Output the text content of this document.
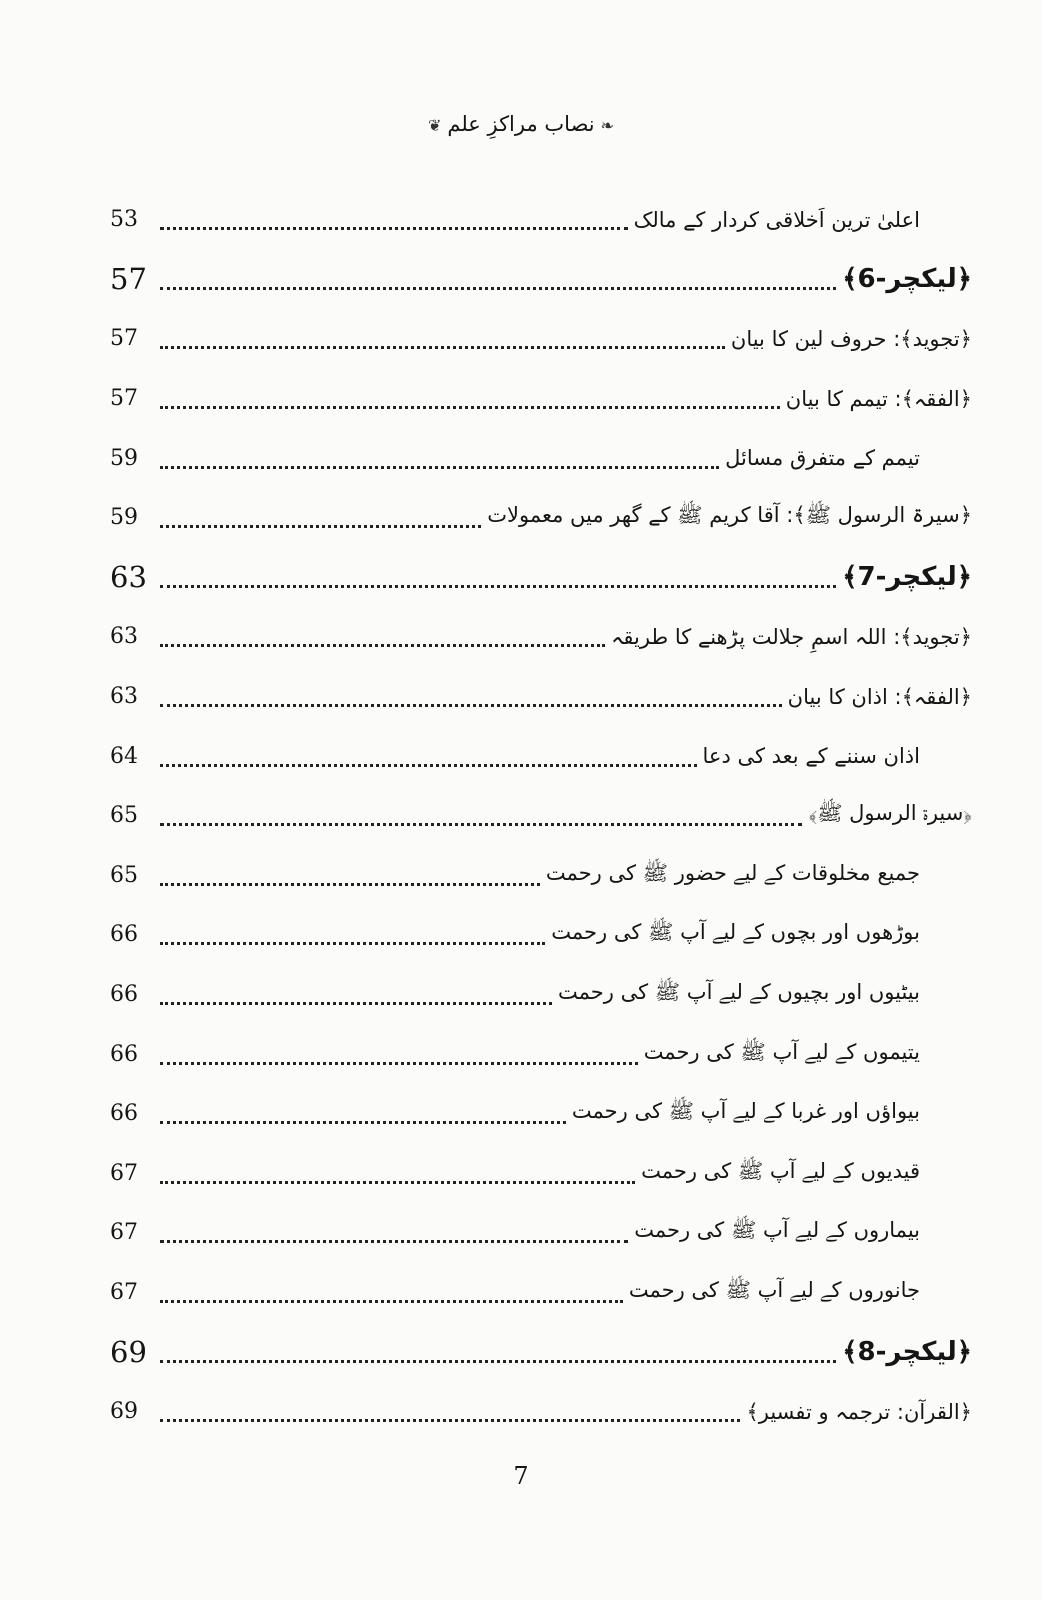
❧نصاب مراکزِ علم❦
اعلیٰ ترین اَخلاقی کردار کے مالک
53
﴿لیکچر-6﴾
57
﴿تجوید﴾: حروف لین کا بیان
57
﴿الفقہ﴾: تیمم کا بیان
57
تیمم کے متفرق مسائل
59
﴿سیرۃ الرسول ﷺ﴾: آقا کریم ﷺ کے گھر میں معمولات
59
﴿لیکچر-7﴾
63
﴿تجوید﴾: اللہ اسمِ جلالت پڑھنے کا طریقہ
63
﴿الفقہ﴾: اذان کا بیان
63
اذان سننے کے بعد کی دعا
64
﴿سیرۃ الرسول ﷺ﴾
65
جمیع مخلوقات کے لیے حضور ﷺ کی رحمت
65
بوڑھوں اور بچوں کے لیے آپ ﷺ کی رحمت
66
بیٹیوں اور بچیوں کے لیے آپ ﷺ کی رحمت
66
یتیموں کے لیے آپ ﷺ کی رحمت
66
بیواؤں اور غربا کے لیے آپ ﷺ کی رحمت
66
قیدیوں کے لیے آپ ﷺ کی رحمت
67
بیماروں کے لیے آپ ﷺ کی رحمت
67
جانوروں کے لیے آپ ﷺ کی رحمت
67
﴿لیکچر-8﴾
69
﴿القرآن: ترجمہ و تفسیر﴾
69
7
